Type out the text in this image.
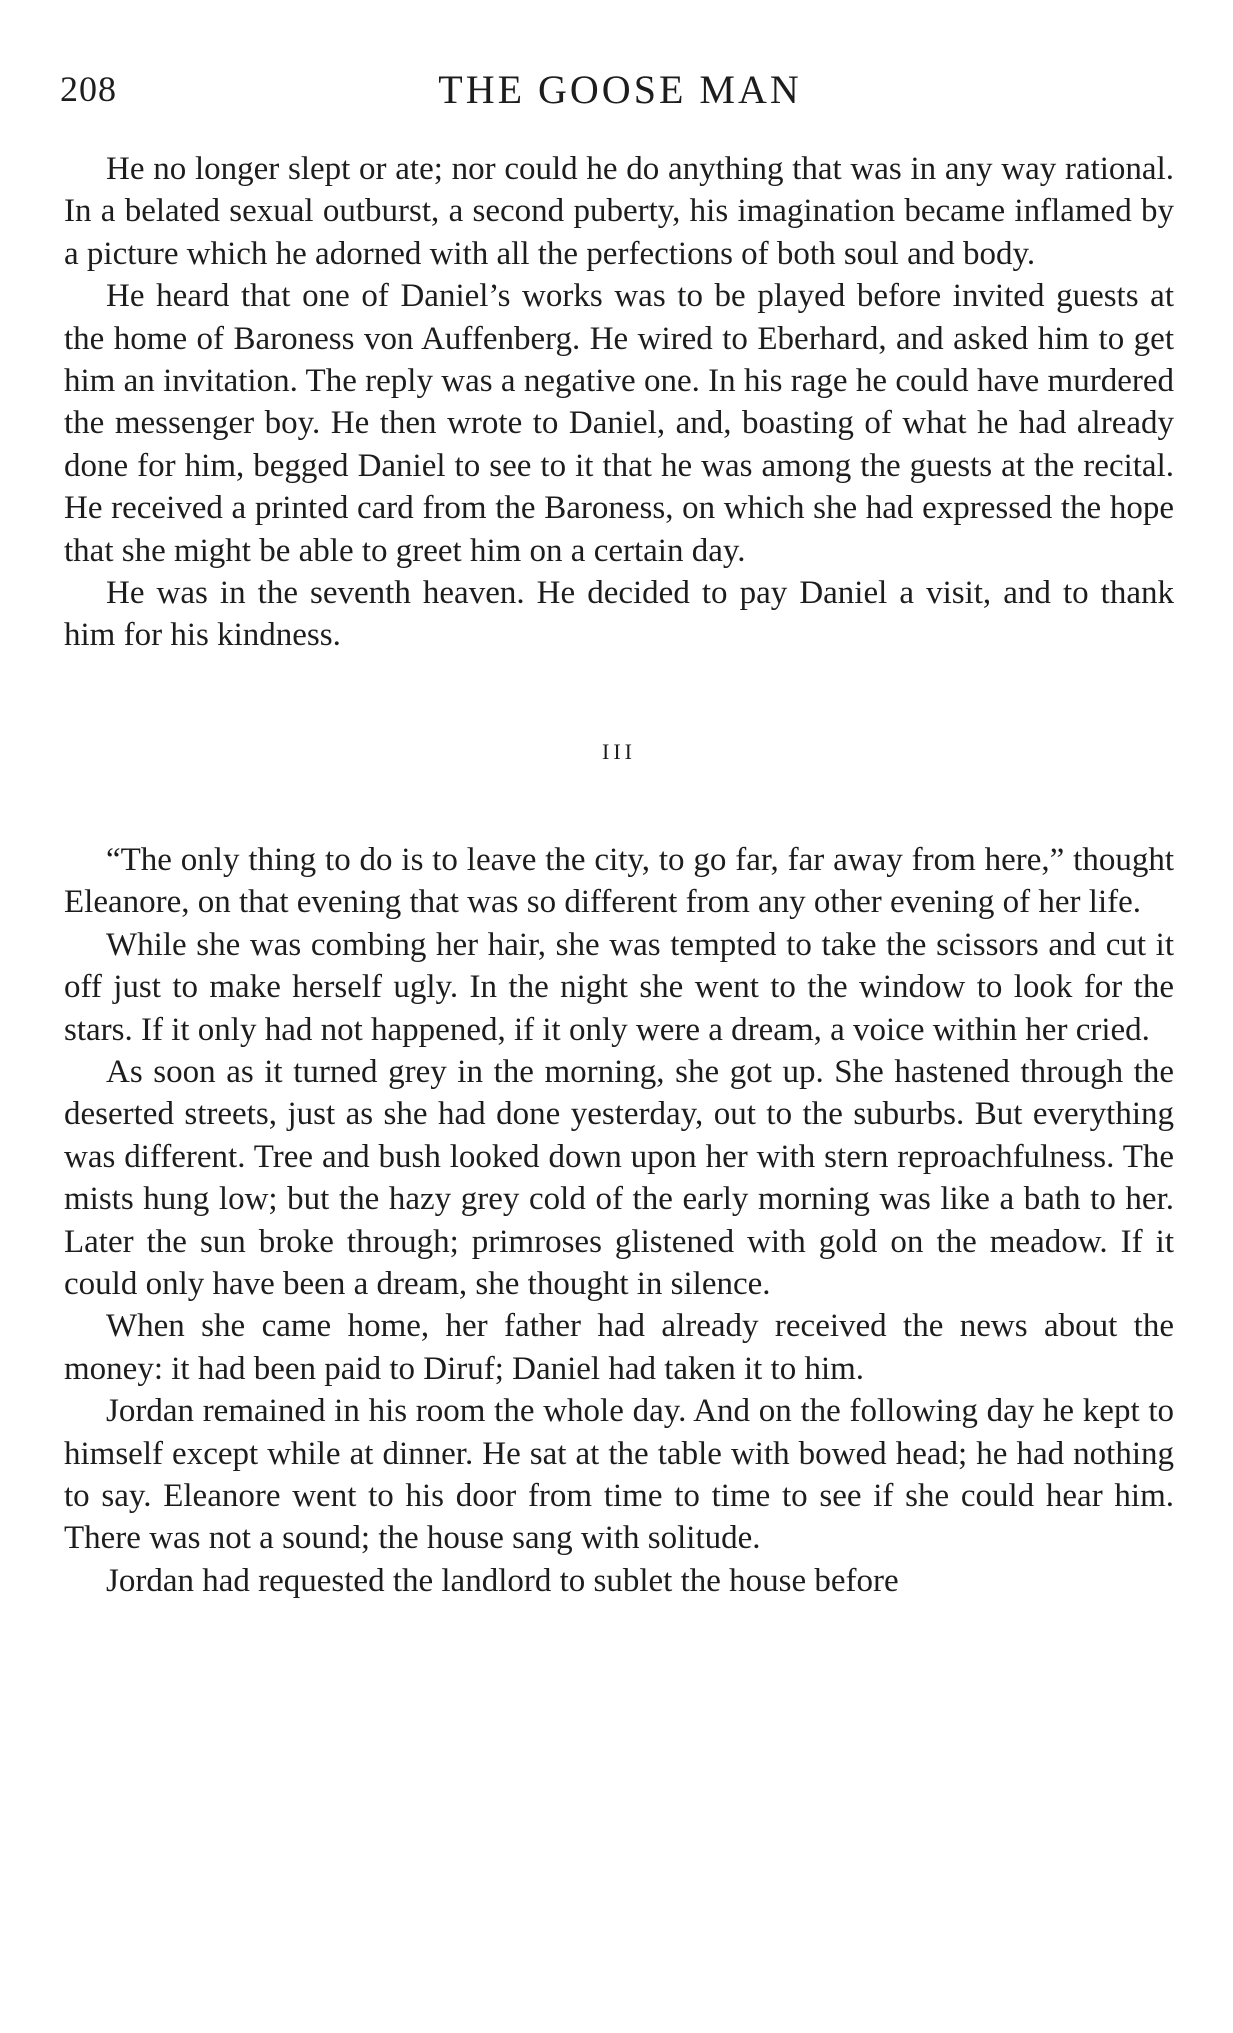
208	THE GOOSE MAN

He no longer slept or ate; nor could he do anything that was in any way rational. In a belated sexual outburst, a second puberty, his imagination became inflamed by a picture which he adorned with all the perfections of both soul and body.

He heard that one of Daniel’s works was to be played before invited guests at the home of Baroness von Auffenberg. He wired to Eberhard, and asked him to get him an invitation. The reply was a negative one. In his rage he could have murdered the messenger boy. He then wrote to Daniel, and, boasting of what he had already done for him, begged Daniel to see to it that he was among the guests at the recital. He received a printed card from the Baroness, on which she had expressed the hope that she might be able to greet him on a certain day.

He was in the seventh heaven. He decided to pay Daniel a visit, and to thank him for his kindness.

III

“The only thing to do is to leave the city, to go far, far away from here,” thought Eleanore, on that evening that was so different from any other evening of her life.

While she was combing her hair, she was tempted to take the scissors and cut it off just to make herself ugly. In the night she went to the window to look for the stars. If it only had not happened, if it only were a dream, a voice within her cried.

As soon as it turned grey in the morning, she got up. She hastened through the deserted streets, just as she had done yesterday, out to the suburbs. But everything was different. Tree and bush looked down upon her with stern reproachfulness. The mists hung low; but the hazy grey cold of the early morning was like a bath to her. Later the sun broke through; primroses glistened with gold on the meadow. If it could only have been a dream, she thought in silence.

When she came home, her father had already received the news about the money: it had been paid to Diruf; Daniel had taken it to him.

Jordan remained in his room the whole day. And on the following day he kept to himself except while at dinner. He sat at the table with bowed head; he had nothing to say. Eleanore went to his door from time to time to see if she could hear him. There was not a sound; the house sang with solitude.

Jordan had requested the landlord to sublet the house before
